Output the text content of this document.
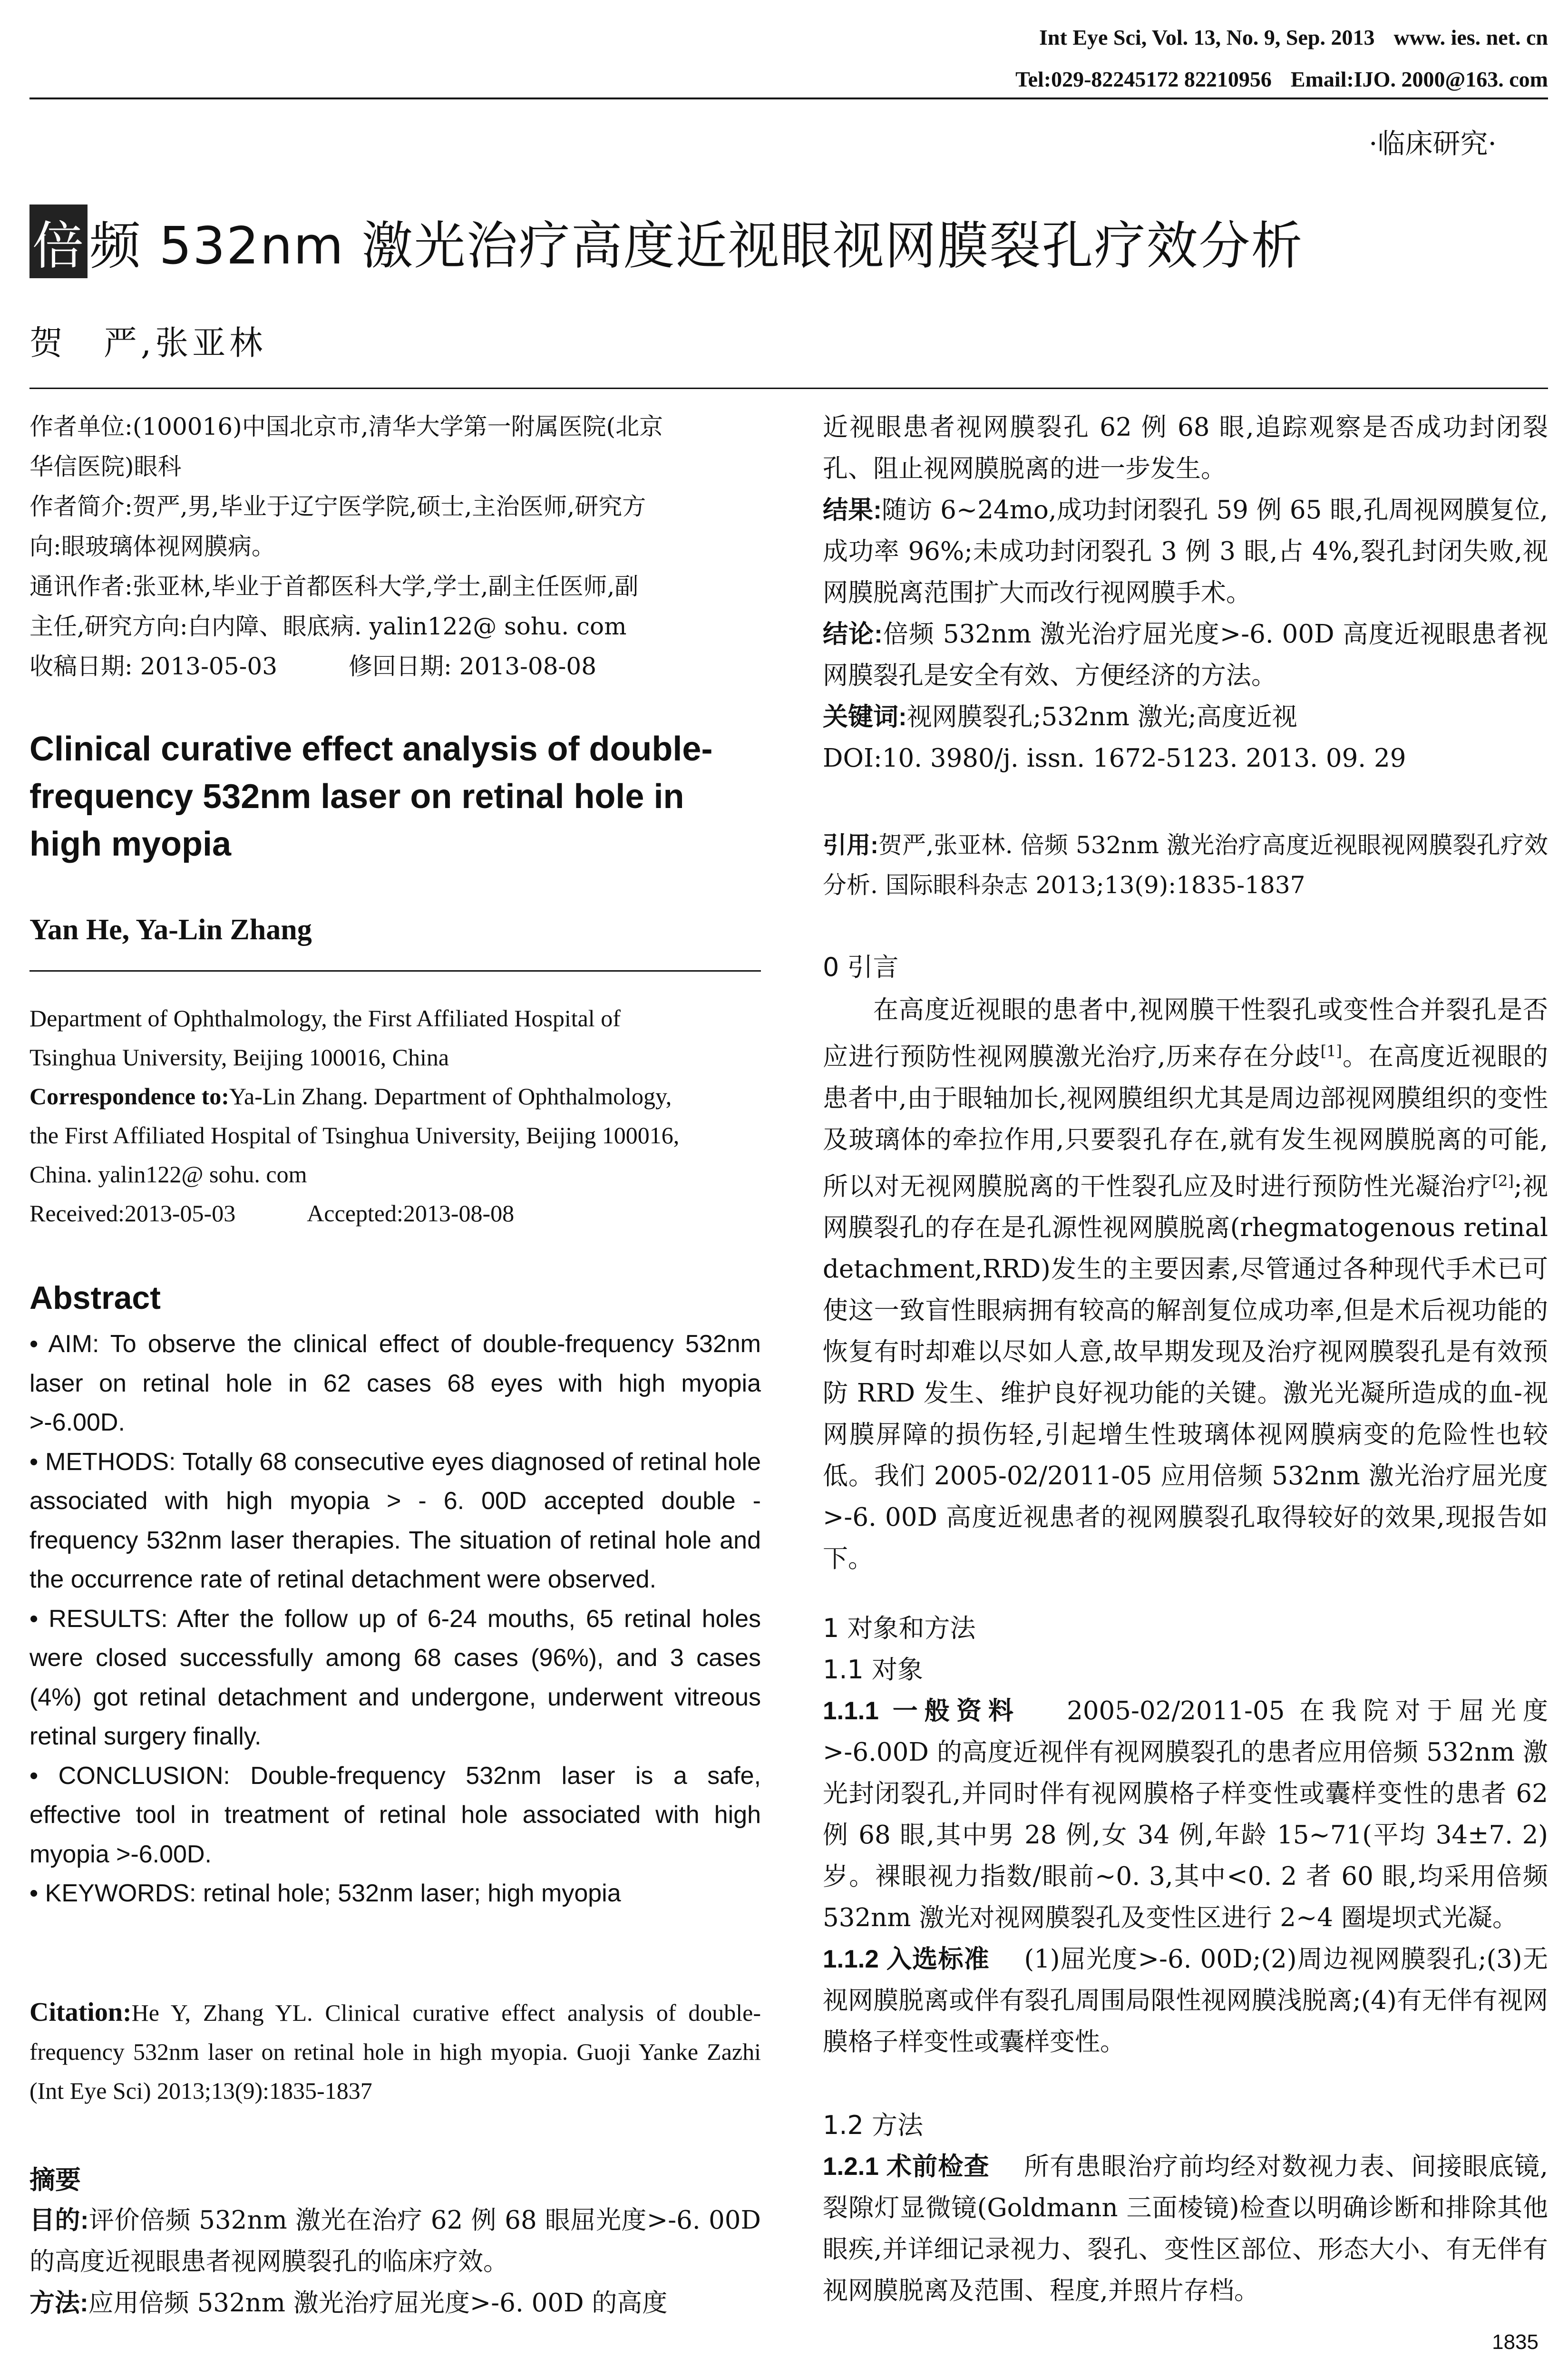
Int Eye Sci, Vol. 13, No. 9, Sep. 2013 www. ies. net. cn
Tel:029-82245172 82210956 Email:IJO. 2000@163. com
·临床研究·
倍频 532nm 激光治疗高度近视眼视网膜裂孔疗效分析
贺　严,张亚林

作者单位:(100016)中国北京市,清华大学第一附属医院(北京

华信医院)眼科

作者简介:贺严,男,毕业于辽宁医学院,硕士,主治医师,研究方

向:眼玻璃体视网膜病。

通讯作者:张亚林,毕业于首都医科大学,学士,副主任医师,副

主任,研究方向:白内障、眼底病. yalin122@ sohu. com

收稿日期: 2013-05-03　　　修回日期: 2013-08-08

Clinical curative effect analysis of double-frequency 532nm laser on retinal hole in high myopia
Yan He, Ya-Lin Zhang

Department of Ophthalmology, the First Affiliated Hospital of

Tsinghua University, Beijing 100016, China

Correspondence to:Ya-Lin Zhang. Department of Ophthalmology,

the First Affiliated Hospital of Tsinghua University, Beijing 100016,

China. yalin122@ sohu. com

Received:2013-05-03　　　Accepted:2013-08-08

Abstract

• AIM: To observe the clinical effect of double-frequency 532nm laser on retinal hole in 62 cases 68 eyes with high myopia >-6.00D.

• METHODS: Totally 68 consecutive eyes diagnosed of retinal hole associated with high myopia > - 6. 00D accepted double - frequency 532nm laser therapies. The situation of retinal hole and the occurrence rate of retinal detachment were observed.

• RESULTS: After the follow up of 6-24 mouths, 65 retinal holes were closed successfully among 68 cases (96%), and 3 cases (4%) got retinal detachment and undergone, underwent vitreous retinal surgery finally.

• CONCLUSION: Double-frequency 532nm laser is a safe, effective tool in treatment of retinal hole associated with high myopia >-6.00D.

• KEYWORDS: retinal hole; 532nm laser; high myopia

Citation:He Y, Zhang YL. Clinical curative effect analysis of double-frequency 532nm laser on retinal hole in high myopia. Guoji Yanke Zazhi (Int Eye Sci) 2013;13(9):1835-1837
摘要

目的:评价倍频 532nm 激光在治疗 62 例 68 眼屈光度>-6. 00D 的高度近视眼患者视网膜裂孔的临床疗效。

方法:应用倍频 532nm 激光治疗屈光度>-6. 00D 的高度

近视眼患者视网膜裂孔 62 例 68 眼,追踪观察是否成功封闭裂孔、阻止视网膜脱离的进一步发生。

结果:随访 6~24mo,成功封闭裂孔 59 例 65 眼,孔周视网膜复位,成功率 96%;未成功封闭裂孔 3 例 3 眼,占 4%,裂孔封闭失败,视网膜脱离范围扩大而改行视网膜手术。

结论:倍频 532nm 激光治疗屈光度>-6. 00D 高度近视眼患者视网膜裂孔是安全有效、方便经济的方法。

关键词:视网膜裂孔;532nm 激光;高度近视

DOI:10. 3980/j. issn. 1672-5123. 2013. 09. 29

引用:贺严,张亚林. 倍频 532nm 激光治疗高度近视眼视网膜裂孔疗效分析. 国际眼科杂志 2013;13(9):1835-1837
0 引言

在高度近视眼的患者中,视网膜干性裂孔或变性合并裂孔是否应进行预防性视网膜激光治疗,历来存在分歧[1]。在高度近视眼的患者中,由于眼轴加长,视网膜组织尤其是周边部视网膜组织的变性及玻璃体的牵拉作用,只要裂孔存在,就有发生视网膜脱离的可能,所以对无视网膜脱离的干性裂孔应及时进行预防性光凝治疗[2];视网膜裂孔的存在是孔源性视网膜脱离(rhegmatogenous retinal detachment,RRD)发生的主要因素,尽管通过各种现代手术已可使这一致盲性眼病拥有较高的解剖复位成功率,但是术后视功能的恢复有时却难以尽如人意,故早期发现及治疗视网膜裂孔是有效预防 RRD 发生、维护良好视功能的关键。激光光凝所造成的血-视网膜屏障的损伤轻,引起增生性玻璃体视网膜病变的危险性也较低。我们 2005-02/2011-05 应用倍频 532nm 激光治疗屈光度>-6. 00D 高度近视患者的视网膜裂孔取得较好的效果,现报告如下。

1 对象和方法
1.1 对象

1.1.1 一般资料　 2005-02/2011-05 在我院对于屈光度>-6.00D 的高度近视伴有视网膜裂孔的患者应用倍频 532nm 激光封闭裂孔,并同时伴有视网膜格子样变性或囊样变性的患者 62 例 68 眼,其中男 28 例,女 34 例,年龄 15~71(平均 34±7. 2)岁。裸眼视力指数/眼前~0. 3,其中<0. 2 者 60 眼,均采用倍频 532nm 激光对视网膜裂孔及变性区进行 2~4 圈堤坝式光凝。

1.1.2 入选标准　 (1)屈光度>-6. 00D;(2)周边视网膜裂孔;(3)无视网膜脱离或伴有裂孔周围局限性视网膜浅脱离;(4)有无伴有视网膜格子样变性或囊样变性。

1.2 方法

1.2.1 术前检查　 所有患眼治疗前均经对数视力表、间接眼底镜,裂隙灯显微镜(Goldmann 三面棱镜)检查以明确诊断和排除其他眼疾,并详细记录视力、裂孔、变性区部位、形态大小、有无伴有视网膜脱离及范围、程度,并照片存档。

1835
